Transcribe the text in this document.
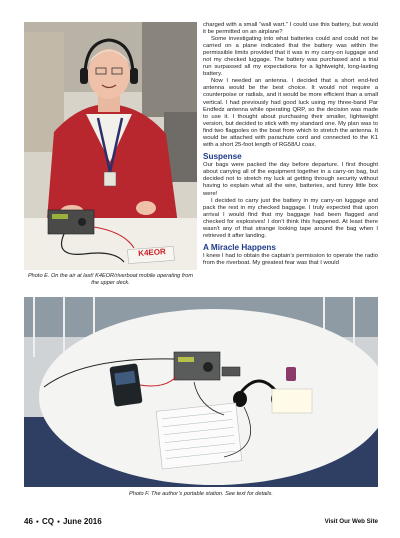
K4EOR
Photo E. On the air at last! K4EOR/riverboat mobile operating from the upper deck.

charged with a small “wall wart.” I could use this battery, but would it be permitted on an airplane?

Some investigating into what batteries could and could not be carried on a plane indicated that the battery was within the permissible limits provided that it was in my carry-on luggage and not my checked luggage. The battery was purchased and a trial run surpassed all my expectations for a lightweight, long-lasting battery.

Now I needed an antenna. I decided that a short end-fed antenna would be the best choice. It would not require a counterpoise or radials, and it would be more efficient than a small vertical. I had previously had good luck using my three-band Par Endfedz antenna while operating QRP, so the decision was made to use it. I thought about purchasing their smaller, lightweight version, but decided to stick with my standard one. My plan was to find two flagpoles on the boat from which to stretch the antenna. It would be attached with parachute cord and connected to the K1 with a short 25-foot length of RG58/U coax.

Suspense

Our bags were packed the day before departure. I first thought about carrying all of the equipment together in a carry-on bag, but decided not to stretch my luck at getting through security without having to explain what all the wire, batteries, and funny little box were!

I decided to carry just the battery in my carry-on luggage and pack the rest in my checked baggage. I truly expected that upon arrival I would find that my baggage had been flagged and checked for explosives! I don’t think this happened. At least there wasn’t any of that strange looking tape around the bag when I retrieved it after landing.

A Miracle Happens

I knew I had to obtain the captain’s permission to operate the radio from the riverboat. My greatest fear was that I would

Photo F. The author’s portable station. See text for details.
46 ● CQ ● June 2016	Visit Our Web Site
